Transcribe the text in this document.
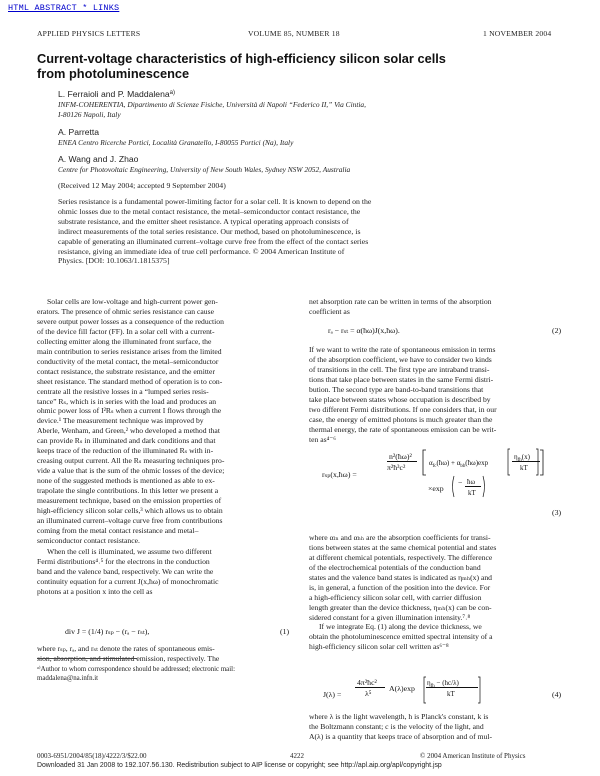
HTML ABSTRACT * LINKS
APPLIED PHYSICS LETTERS	VOLUME 85, NUMBER 18	1 NOVEMBER 2004
Current-voltage characteristics of high-efficiency silicon solar cells
from photoluminescence
L. Ferraioli and P. Maddalena$^{a)}$
INFM-COHERENTIA, Dipartimento di Scienze Fisiche, Università di Napoli “Federico II,” Via Cintia,
I-80126 Napoli, Italy
A. Parretta
ENEA Centro Ricerche Portici, Località Granatello, I-80055 Portici (Na), Italy
A. Wang and J. Zhao
Centre for Photovoltaic Engineering, University of New South Wales, Sydney NSW 2052, Australia
(Received 12 May 2004; accepted 9 September 2004)
Series resistance is a fundamental power-limiting factor for a solar cell. It is known to depend on the
ohmic losses due to the metal contact resistance, the metal–semiconductor contact resistance, the
substrate resistance, and the emitter sheet resistance. A typical operating approach consists of
indirect measurements of the total series resistance. Our method, based on photoluminescence, is
capable of generating an illuminated current–voltage curve free from the effect of the contact series
resistance, giving an immediate idea of true cell performance. © 2004 American Institute of
Physics. [DOI: 10.1063/1.1815375]
Solar cells are low-voltage and high-current power gen-
erators. The presence of ohmic series resistance can cause
severe output power losses as a consequence of the reduction
of the device fill factor (FF). In a solar cell with a current-
collecting emitter along the illuminated front surface, the
main contribution to series resistance arises from the limited
conductivity of the metal contact, the metal–semiconductor
contact resistance, the substrate resistance, and the emitter
sheet resistance. The standard method of operation is to con-
centrate all the resistive losses in a “lumped series resis-
tance” Rₛ, which is in series with the load and produces an
ohmic power loss of I²Rₛ when a current I flows through the
device.¹ The measurement technique was improved by
Aberle, Wenham, and Green,² who developed a method that
can provide Rₛ in illuminated and dark conditions and that
keeps trace of the reduction of the illuminated Rₛ with in-
creasing output current. All the Rₛ measuring techniques pro-
vide a value that is the sum of the ohmic losses of the device;
none of the suggested methods is mentioned as able to ex-
trapolate the single contributions. In this letter we present a
measurement technique, based on the emission properties of
high-efficiency silicon solar cells,³ which allows us to obtain
an illuminated current–voltage curve free from contributions
coming from the metal contact resistance and metal–
semiconductor contact resistance.
When the cell is illuminated, we assume two different
Fermi distributions⁴˒⁵ for the electrons in the conduction
band and the valence band, respectively. We can write the
continuity equation for a current J(x,ħω) of monochromatic
photons at a position x into the cell as
div J = (1/4) rₛₚ − (rₐ − rₛₜ),	(1)
where rₛₚ, rₐ, and rₛₜ denote the rates of spontaneous emis-
sion, absorption, and stimulated emission, respectively. The
ᵃ⁾Author to whom correspondence should be addressed; electronic mail:
maddalena@na.infn.it
net absorption rate can be written in terms of the absorption
coefficient as
rₐ − rₛₜ = α(ħω)J(x,ħω).	(2)
If we want to write the rate of spontaneous emission in terms
of the absorption coefficient, we have to consider two kinds
of transitions in the cell. The first type are intraband transi-
tions that take place between states in the same Fermi distri-
bution. The second type are band-to-band transitions that
take place between states whose occupation is described by
two different Fermi distributions. If one considers that, in our
case, the energy of emitted photons is much greater than the
thermal energy, the rate of spontaneous emission can be writ-
ten as⁴⁻⁶
rₛₚ(x,ħω) =
n²(ħω)²
π²ħ³c²	$\alpha_{fc}(ħ\omega)$ + $\alpha_{bb}(ħ\omega)\exp$
$\eta_{fh}(x)$
kT
×exp
− ħω
kT
(3)
where αₗₙ and αₕₕ are the absorption coefficients for transi-
tions between states at the same chemical potential and states
at different chemical potentials, respectively. The difference
of the electrochemical potentials of the conduction band
states and the valence band states is indicated as ηₘₕ(x) and
is, in general, a function of the position into the device. For
a high-efficiency silicon solar cell, with carrier diffusion
length greater than the device thickness, ηₘₕ(x) can be con-
sidered constant for a given illumination intensity.⁷˒⁸
If we integrate Eq. (1) along the device thickness, we
obtain the photoluminescence emitted spectral intensity of a
high-efficiency silicon solar cell written as⁶⁻⁸
J(λ) =
4π²ħc²
λ⁵
A(λ)exp
$\eta_{fh} - (hc/\lambda)$
kT	(4)
where λ is the light wavelength, h is Planck's constant, k is
the Boltzmann constant; c is the velocity of the light, and
A(λ) is a quantity that keeps trace of absorption and of mul-
0003-6951/2004/85(18)/4222/3/$22.00	4222	© 2004 American Institute of Physics
Downloaded 31 Jan 2008 to 192.107.56.130. Redistribution subject to AIP license or copyright; see http://apl.aip.org/apl/copyright.jsp
